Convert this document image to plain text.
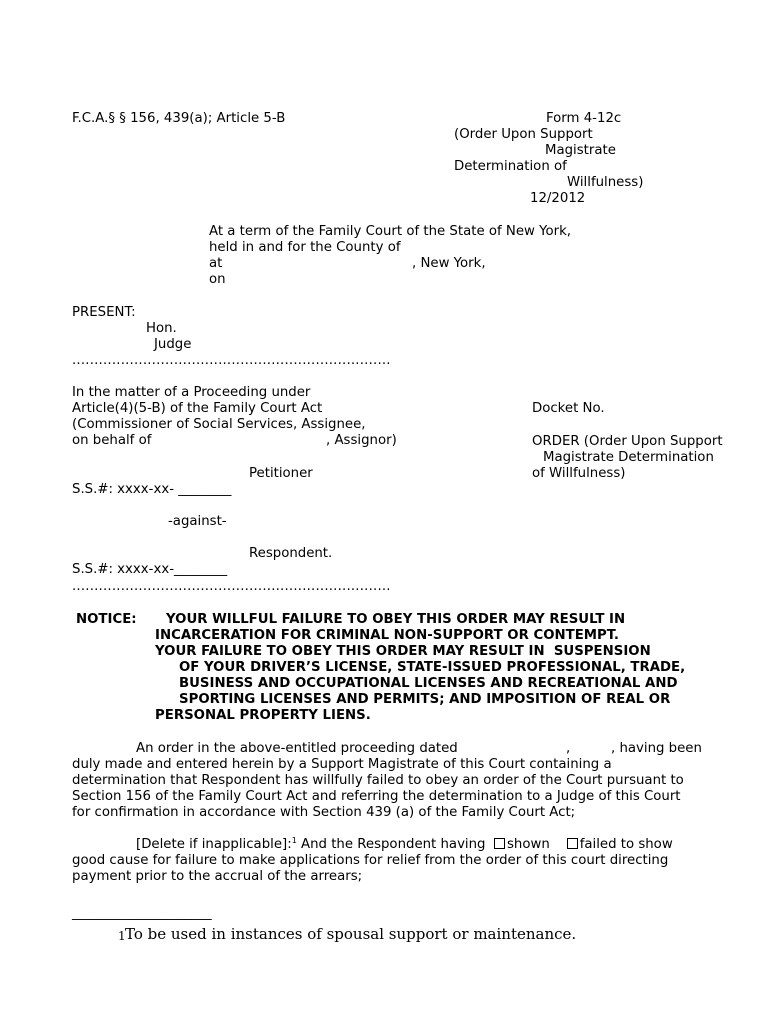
F.C.A.§ § 156, 439(a); Article 5-B	Form 4-12c
(Order Upon Support
Magistrate
Determination of
Willfulness)
12/2012
At a term of the Family Court of the State of New York,
held in and for the County of
at	, New York,
on
PRESENT:
Hon.
Judge
........................................................................
In the matter of a Proceeding under
Article(4)(5-B) of the Family Court Act
(Commissioner of Social Services, Assignee,
on behalf of	, Assignor)
Petitioner
S.S.#: xxxx-xx- ________
-against-
Respondent.
S.S.#: xxxx-xx-________
........................................................................
Docket No.
ORDER (Order Upon Support
Magistrate Determination
of Willfulness)
NOTICE: YOUR WILLFUL FAILURE TO OBEY THIS ORDER MAY RESULT IN
INCARCERATION FOR CRIMINAL NON-SUPPORT OR CONTEMPT.
YOUR FAILURE TO OBEY THIS ORDER MAY RESULT IN  SUSPENSION
OF YOUR DRIVER’S LICENSE, STATE-ISSUED PROFESSIONAL, TRADE,
BUSINESS AND OCCUPATIONAL LICENSES AND RECREATIONAL AND
SPORTING LICENSES AND PERMITS; AND IMPOSITION OF REAL OR
PERSONAL PROPERTY LIENS.
An order in the above-entitled proceeding dated	,	, having been
duly made and entered herein by a Support Magistrate of this Court containing a
determination that Respondent has willfully failed to obey an order of the Court pursuant to
Section 156 of the Family Court Act and referring the determination to a Judge of this Court
for confirmation in accordance with Section 439 (a) of the Family Court Act;
[Delete if inapplicable]:$^1$ And the Respondent having  shown failed to show
good cause for failure to make applications for relief from the order of this court directing
payment prior to the accrual of the arrears;
_____________________
1 To be used in instances of spousal support or maintenance.
